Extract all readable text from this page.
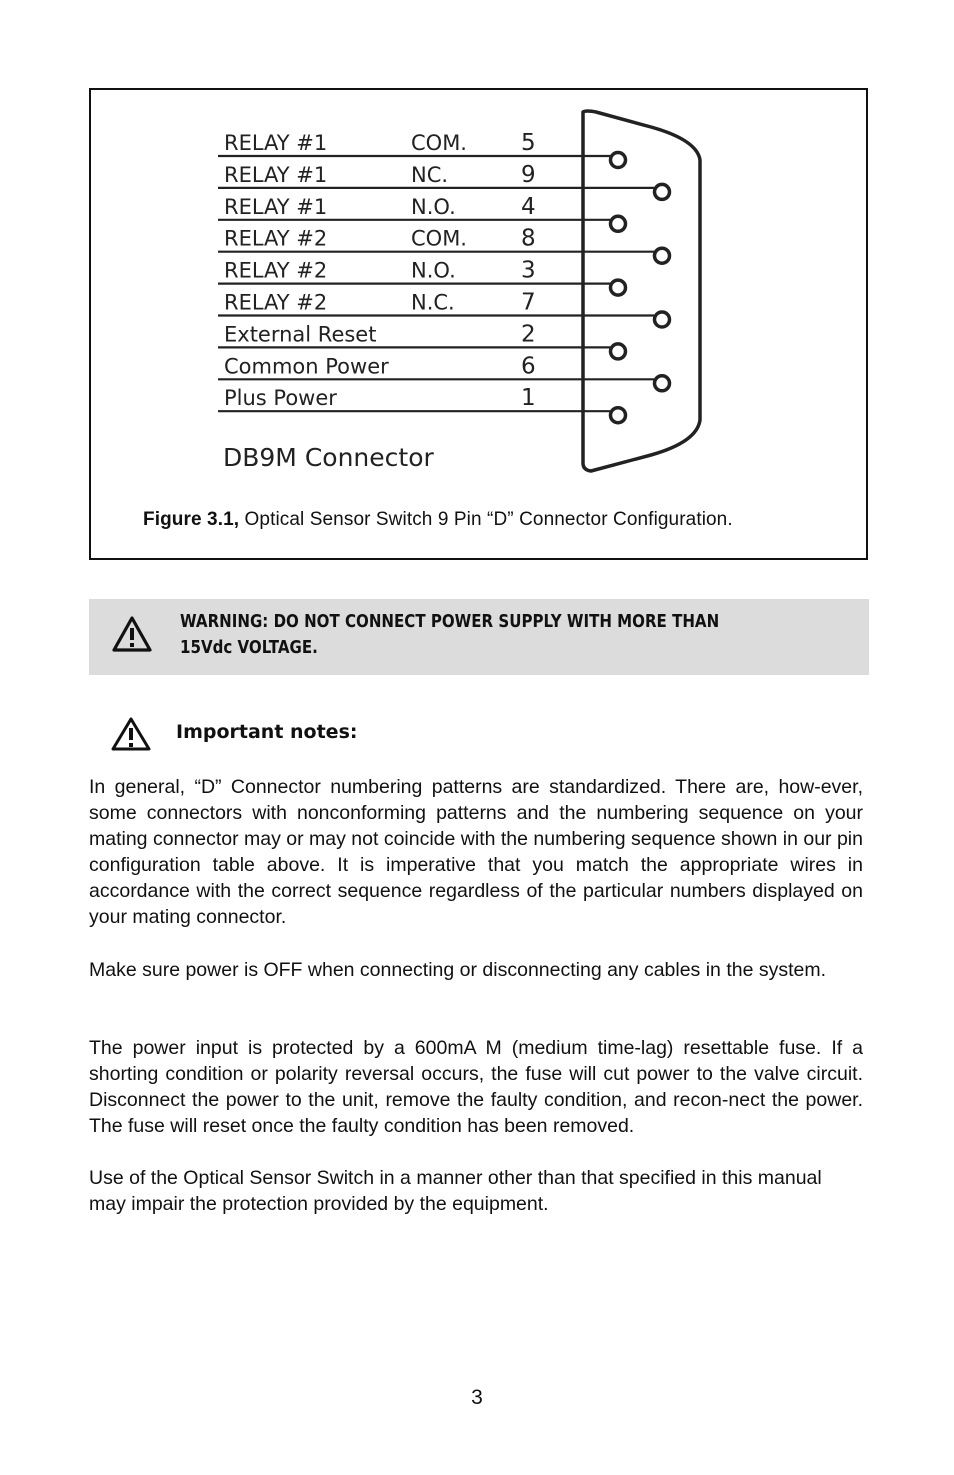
RELAY #1	COM. 5
RELAY #1	NC.	9
RELAY #1	N.O.	4
RELAY #2	COM. 8
RELAY #2	N.O.	3
RELAY #2	N.C.	7
External Reset	2
Common Power	6
Plus Power	1
DB9M Connector
Figure 3.1, Optical Sensor Switch 9 Pin “D” Connector Configuration.
WARNING: DO NOT CONNECT POWER SUPPLY WITH MORE THAN
15Vdc VOLTAGE.
Important notes:
In general, “D” Connector numbering patterns are standardized. There are, how-ever, some connectors with nonconforming patterns and the numbering sequence on your mating connector may or may not coincide with the numbering sequence shown in our pin configuration table above. It is imperative that you match the appropriate wires in accordance with the correct sequence regardless of the particular numbers displayed on your mating connector.
Make sure power is OFF when connecting or disconnecting any cables in the system.
The power input is protected by a 600mA M (medium time-lag) resettable fuse. If a shorting condition or polarity reversal occurs, the fuse will cut power to the valve circuit. Disconnect the power to the unit, remove the faulty condition, and recon-nect the power. The fuse will reset once the faulty condition has been removed.
Use of the Optical Sensor Switch in a manner other than that specified in this manual may impair the protection provided by the equipment.
3
